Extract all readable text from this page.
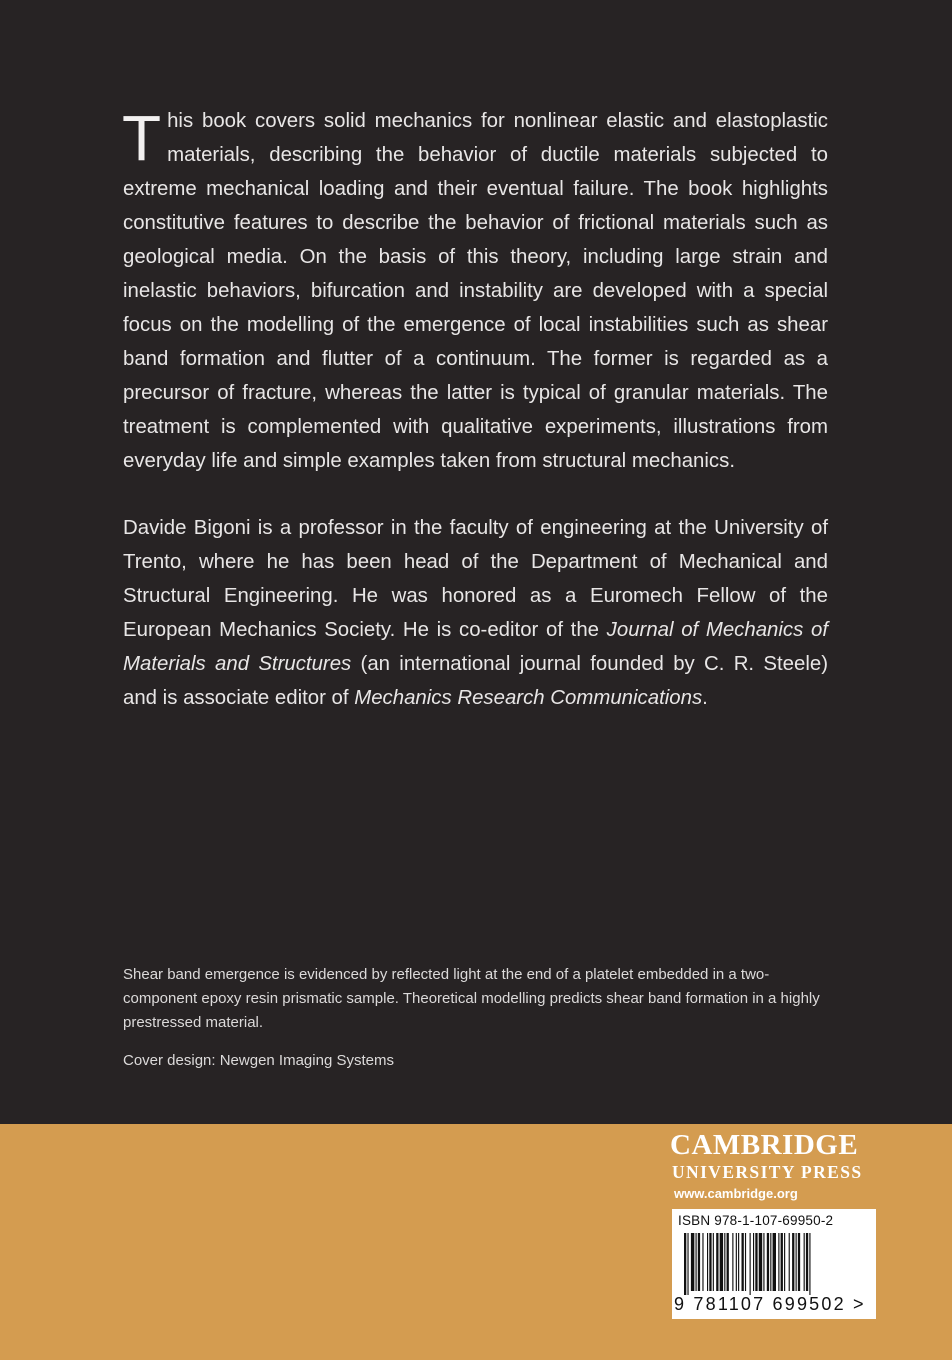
This book covers solid mechanics for nonlinear elastic and elastoplastic materials, describing the behavior of ductile materials subjected to extreme mechanical loading and their eventual failure. The book highlights constitutive features to describe the behavior of frictional materials such as geological media. On the basis of this theory, including large strain and inelastic behaviors, bifurcation and instability are developed with a special focus on the modelling of the emergence of local instabilities such as shear band formation and flutter of a continuum. The former is regarded as a precursor of fracture, whereas the latter is typical of granular materials. The treatment is complemented with qualitative experiments, illustrations from everyday life and simple examples taken from structural mechanics.

Davide Bigoni is a professor in the faculty of engineering at the University of Trento, where he has been head of the Department of Mechanical and Structural Engineering. He was honored as a Euromech Fellow of the European Mechanics Society. He is co-editor of the Journal of Mechanics of Materials and Structures (an international journal founded by C. R. Steele) and is associate editor of Mechanics Research Communications.

Shear band emergence is evidenced by reflected light at the end of a platelet embedded in a two-component epoxy resin prismatic sample. Theoretical modelling predicts shear band formation in a highly prestressed material.

Cover design: Newgen Imaging Systems

CAMBRIDGE
UNIVERSITY PRESS
www.cambridge.org
ISBN 978-1-107-69950-2
9 781107 699502 >
